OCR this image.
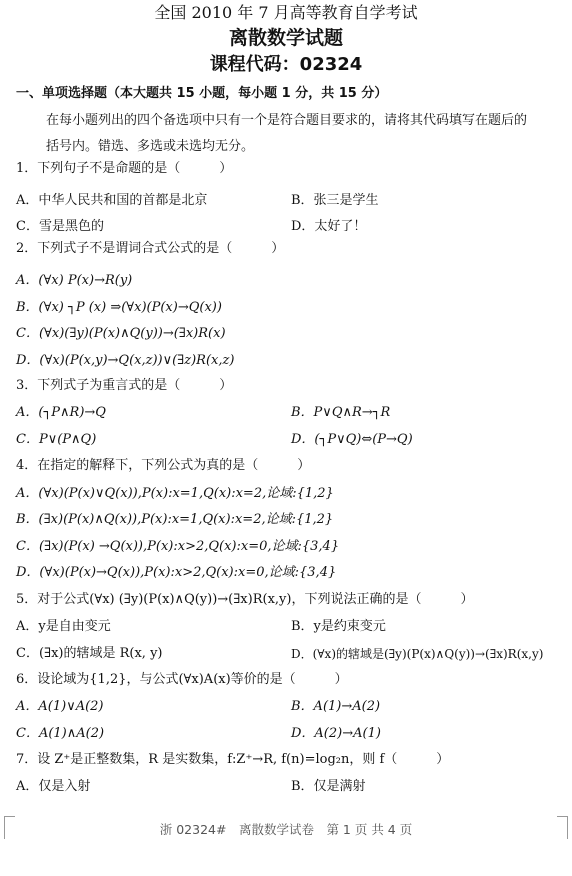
全国 2010 年 7 月高等教育自学考试
离散数学试题
课程代码：02324
一、单项选择题（本大题共 15 小题，每小题 1 分，共 15 分）
在每小题列出的四个备选项中只有一个是符合题目要求的，请将其代码填写在题后的
括号内。错选、多选或未选均无分。
1．下列句子不是命题的是（　　　）
A．中华人民共和国的首都是北京	B．张三是学生
C．雪是黑色的	D．太好了！
2．下列式子不是谓词合式公式的是（　　　）
A．(∀x) P(x)→R(y)
B．(∀x) ┐P (x) ⇒(∀x)(P(x)→Q(x))
C．(∀x)(∃y)(P(x)∧Q(y))→(∃x)R(x)
D．(∀x)(P(x,y)→Q(x,z))∨(∃z)R(x,z)
3．下列式子为重言式的是（　　　）
A．(┐P∧R)→Q	B．P∨Q∧R→┐R
C．P∨(P∧Q)	D．(┐P∨Q)⇔(P→Q)
4．在指定的解释下，下列公式为真的是（　　　）
A．(∀x)(P(x)∨Q(x)),P(x):x=1,Q(x):x=2,论域:{1,2}
B．(∃x)(P(x)∧Q(x)),P(x):x=1,Q(x):x=2,论域:{1,2}
C．(∃x)(P(x) →Q(x)),P(x):x>2,Q(x):x=0,论域:{3,4}
D．(∀x)(P(x)→Q(x)),P(x):x>2,Q(x):x=0,论域:{3,4}
5．对于公式(∀x) (∃y)(P(x)∧Q(y))→(∃x)R(x,y)，下列说法正确的是（　　　）
A．y是自由变元	B．y是约束变元
C．(∃x)的辖域是 R(x, y)	D．(∀x)的辖域是(∃y)(P(x)∧Q(y))→(∃x)R(x,y)
6．设论域为{1,2}，与公式(∀x)A(x)等价的是（　　　）
A．A(1)∨A(2)	B．A(1)→A(2)
C．A(1)∧A(2)	D．A(2)→A(1)
7．设 Z⁺是正整数集，R 是实数集，f:Z⁺→R, f(n)=log₂n，则 f（　　　）
A．仅是入射	B．仅是满射
浙 02324#　离散数学试卷　第 1 页 共 4 页
